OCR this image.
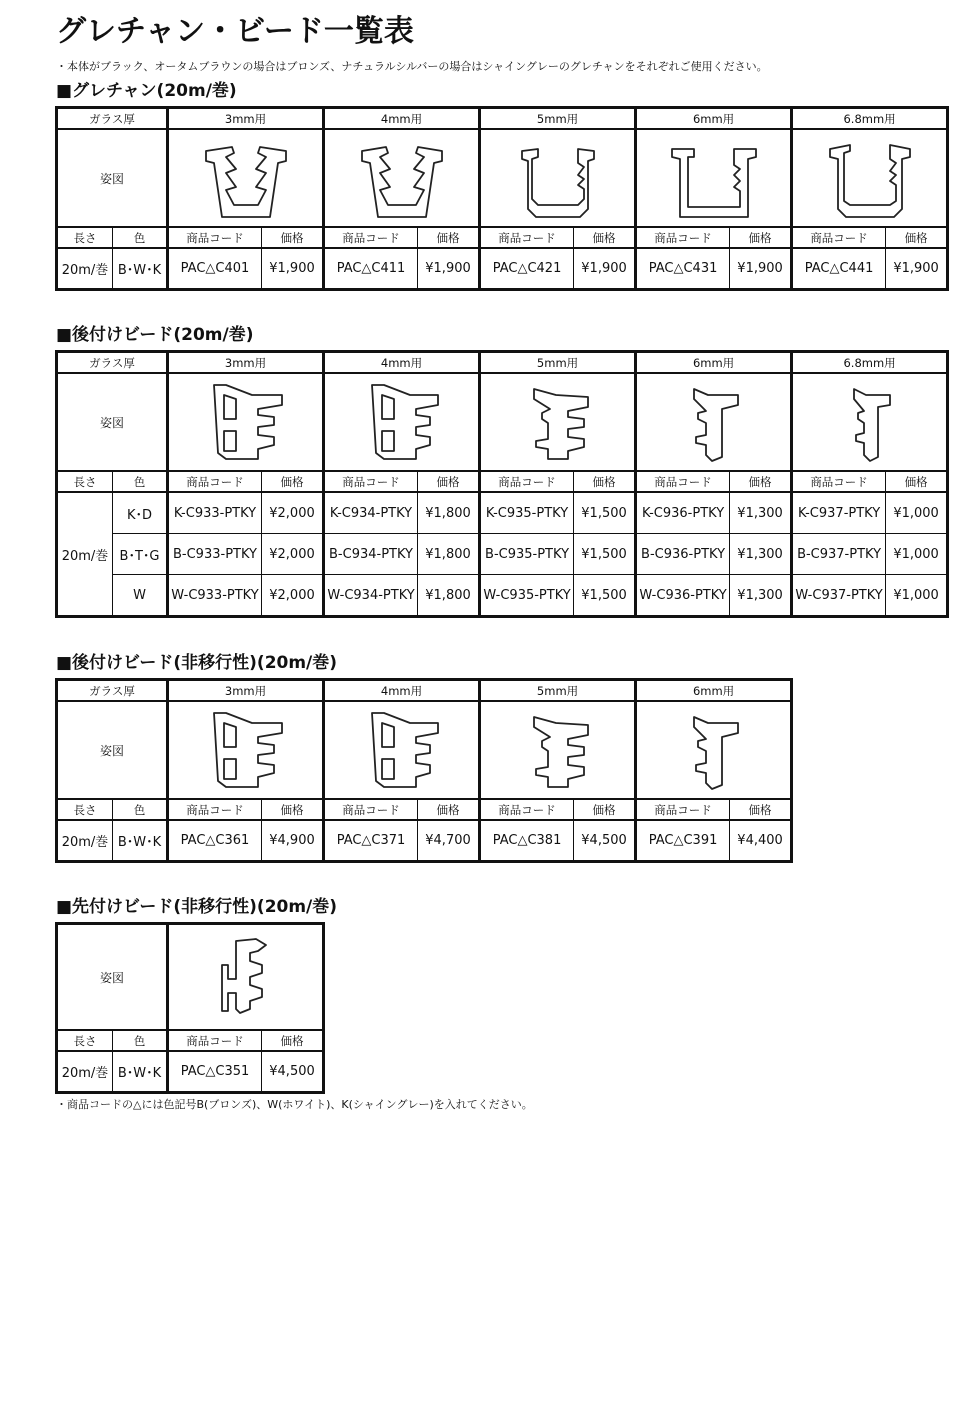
グレチャン・ビード一覧表
・本体がブラック、オータムブラウンの場合はブロンズ、ナチュラルシルバーの場合はシャイングレーのグレチャンをそれぞれご使用ください。
■グレチャン(20m/巻)
ガラス厚		3mm用		4mm用		5mm用		6mm用		6.8mm用	
姿図	

長さ	色	商品コード	価格	商品コード	価格	商品コード	価格	商品コード	価格	商品コード	価格
20m/巻	B･W･K	PAC△C401	¥1,900	PAC△C411	¥1,900	PAC△C421	¥1,900	PAC△C431	¥1,900	PAC△C441	¥1,900
■後付けビード(20m/巻)
ガラス厚		3mm用		4mm用		5mm用		6mm用		6.8mm用	
姿図	

長さ	色	商品コード	価格	商品コード	価格	商品コード	価格	商品コード	価格	商品コード	価格
20m/巻	K･D	K-C933-PTKY	¥2,000	K-C934-PTKY	¥1,800	K-C935-PTKY	¥1,500	K-C936-PTKY	¥1,300	K-C937-PTKY	¥1,000
	B･T･G	B-C933-PTKY	¥2,000	B-C934-PTKY	¥1,800	B-C935-PTKY	¥1,500	B-C936-PTKY	¥1,300	B-C937-PTKY	¥1,000
	W	W-C933-PTKY	¥2,000	W-C934-PTKY	¥1,800	W-C935-PTKY	¥1,500	W-C936-PTKY	¥1,300	W-C937-PTKY	¥1,000
■後付けビード(非移行性)(20m/巻)
ガラス厚		3mm用		4mm用		5mm用		6mm用	
姿図	

長さ	色	商品コード	価格	商品コード	価格	商品コード	価格	商品コード	価格
20m/巻	B･W･K	PAC△C361	¥4,900	PAC△C371	¥4,700	PAC△C381	¥4,500	PAC△C391	¥4,400
■先付けビード(非移行性)(20m/巻)
姿図	

長さ	色	商品コード	価格
20m/巻	B･W･K	PAC△C351	¥4,500
・商品コードの△には色記号B(ブロンズ)、W(ホワイト)、K(シャイングレー)を入れてください。
